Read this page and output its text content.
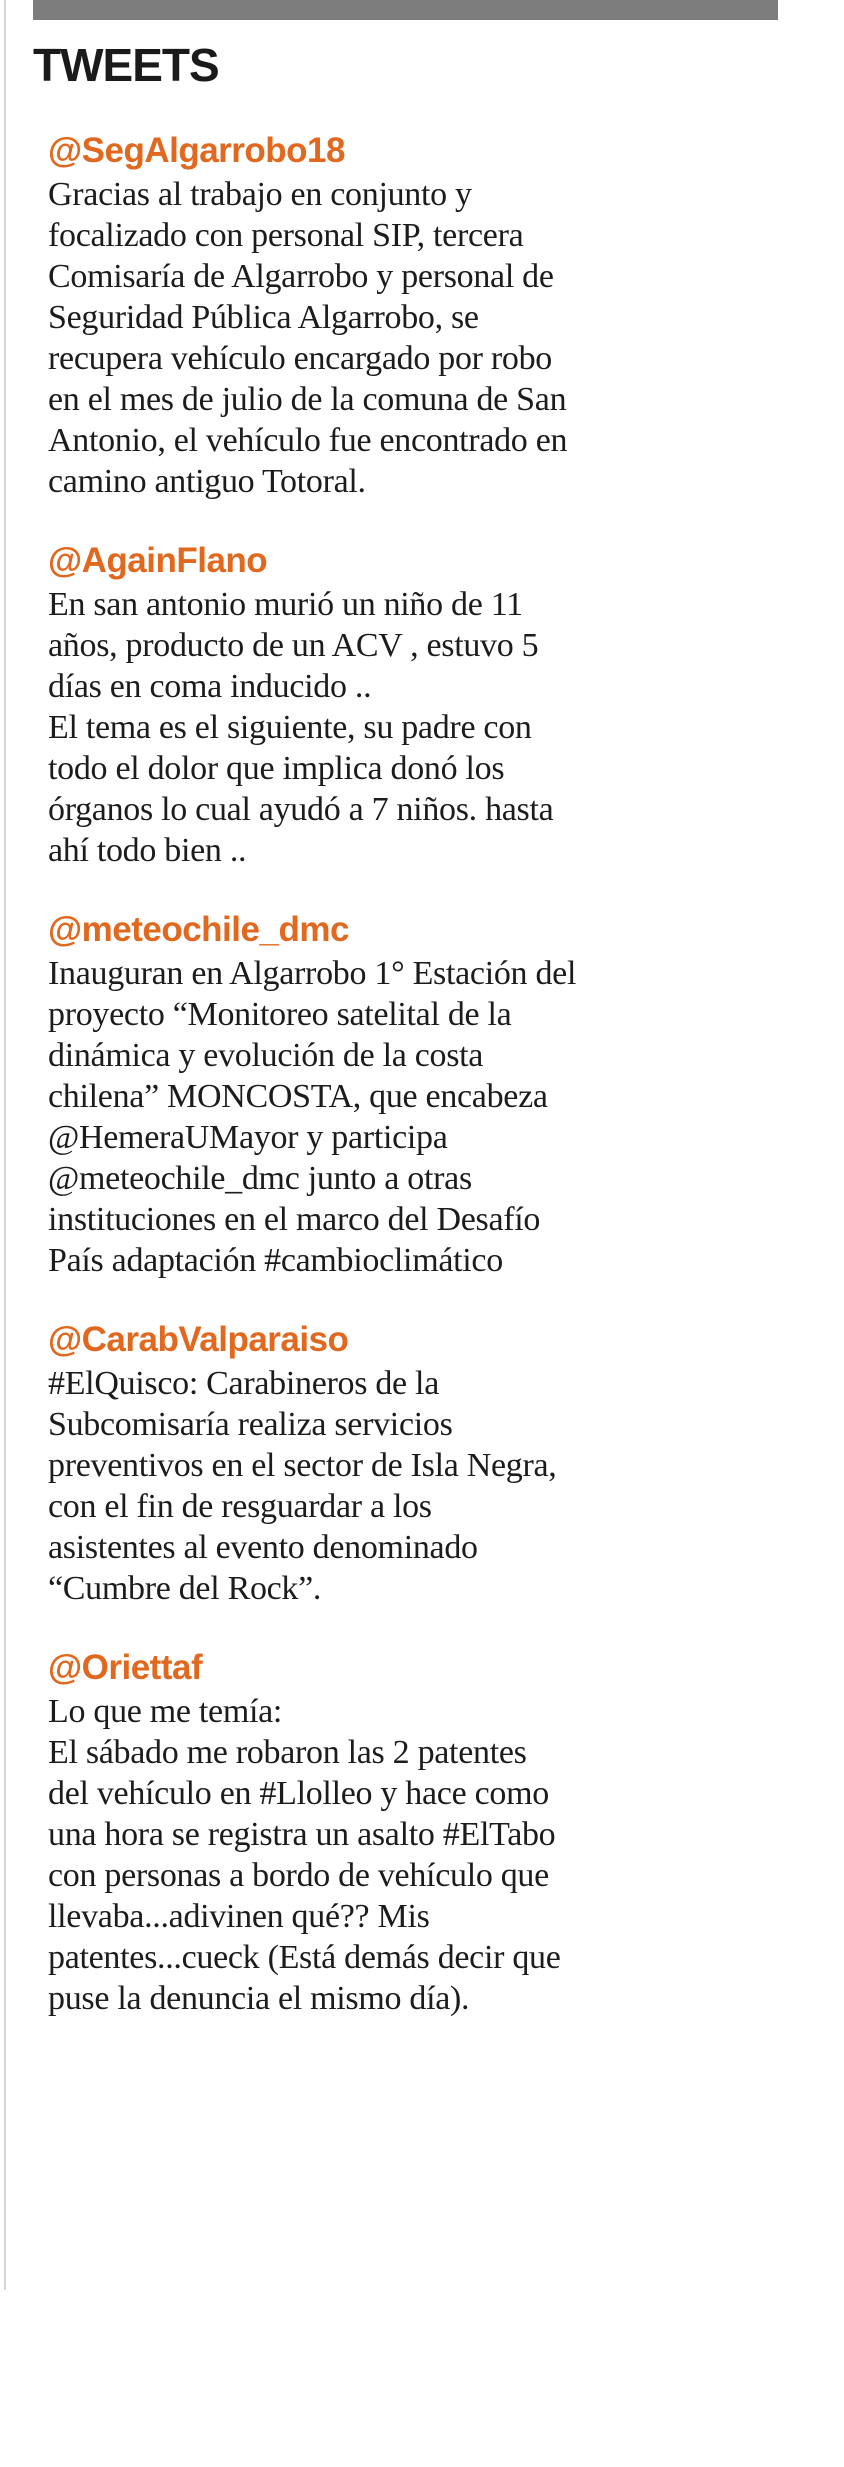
TWEETS
@SegAlgarrobo18

Gracias al trabajo en conjunto y
focalizado con personal SIP, tercera
Comisaría de Algarrobo y personal de
Seguridad Pública Algarrobo, se
recupera vehículo encargado por robo
en el mes de julio de la comuna de San
Antonio, el vehículo fue encontrado en
camino antiguo Totoral.

@AgainFlano

En san antonio murió un niño de 11
años, producto de un ACV , estuvo 5
días en coma inducido ..
El tema es el siguiente, su padre con
todo el dolor que implica donó los
órganos lo cual ayudó a 7 niños. hasta
ahí todo bien ..

@meteochile_dmc

Inauguran en Algarrobo 1° Estación del
proyecto “Monitoreo satelital de la
dinámica y evolución de la costa
chilena” MONCOSTA, que encabeza
@HemeraUMayor y participa
@meteochile_dmc junto a otras
instituciones en el marco del Desafío
País adaptación #cambioclimático

@CarabValparaiso

#ElQuisco: Carabineros de la
Subcomisaría realiza servicios
preventivos en el sector de Isla Negra,
con el fin de resguardar a los
asistentes al evento denominado
“Cumbre del Rock”.

@Oriettaf

Lo que me temía:
El sábado me robaron las 2 patentes
del vehículo en #Llolleo y hace como
una hora se registra un asalto #ElTabo
con personas a bordo de vehículo que
llevaba...adivinen qué?? Mis
patentes...cueck (Está demás decir que
puse la denuncia el mismo día).
